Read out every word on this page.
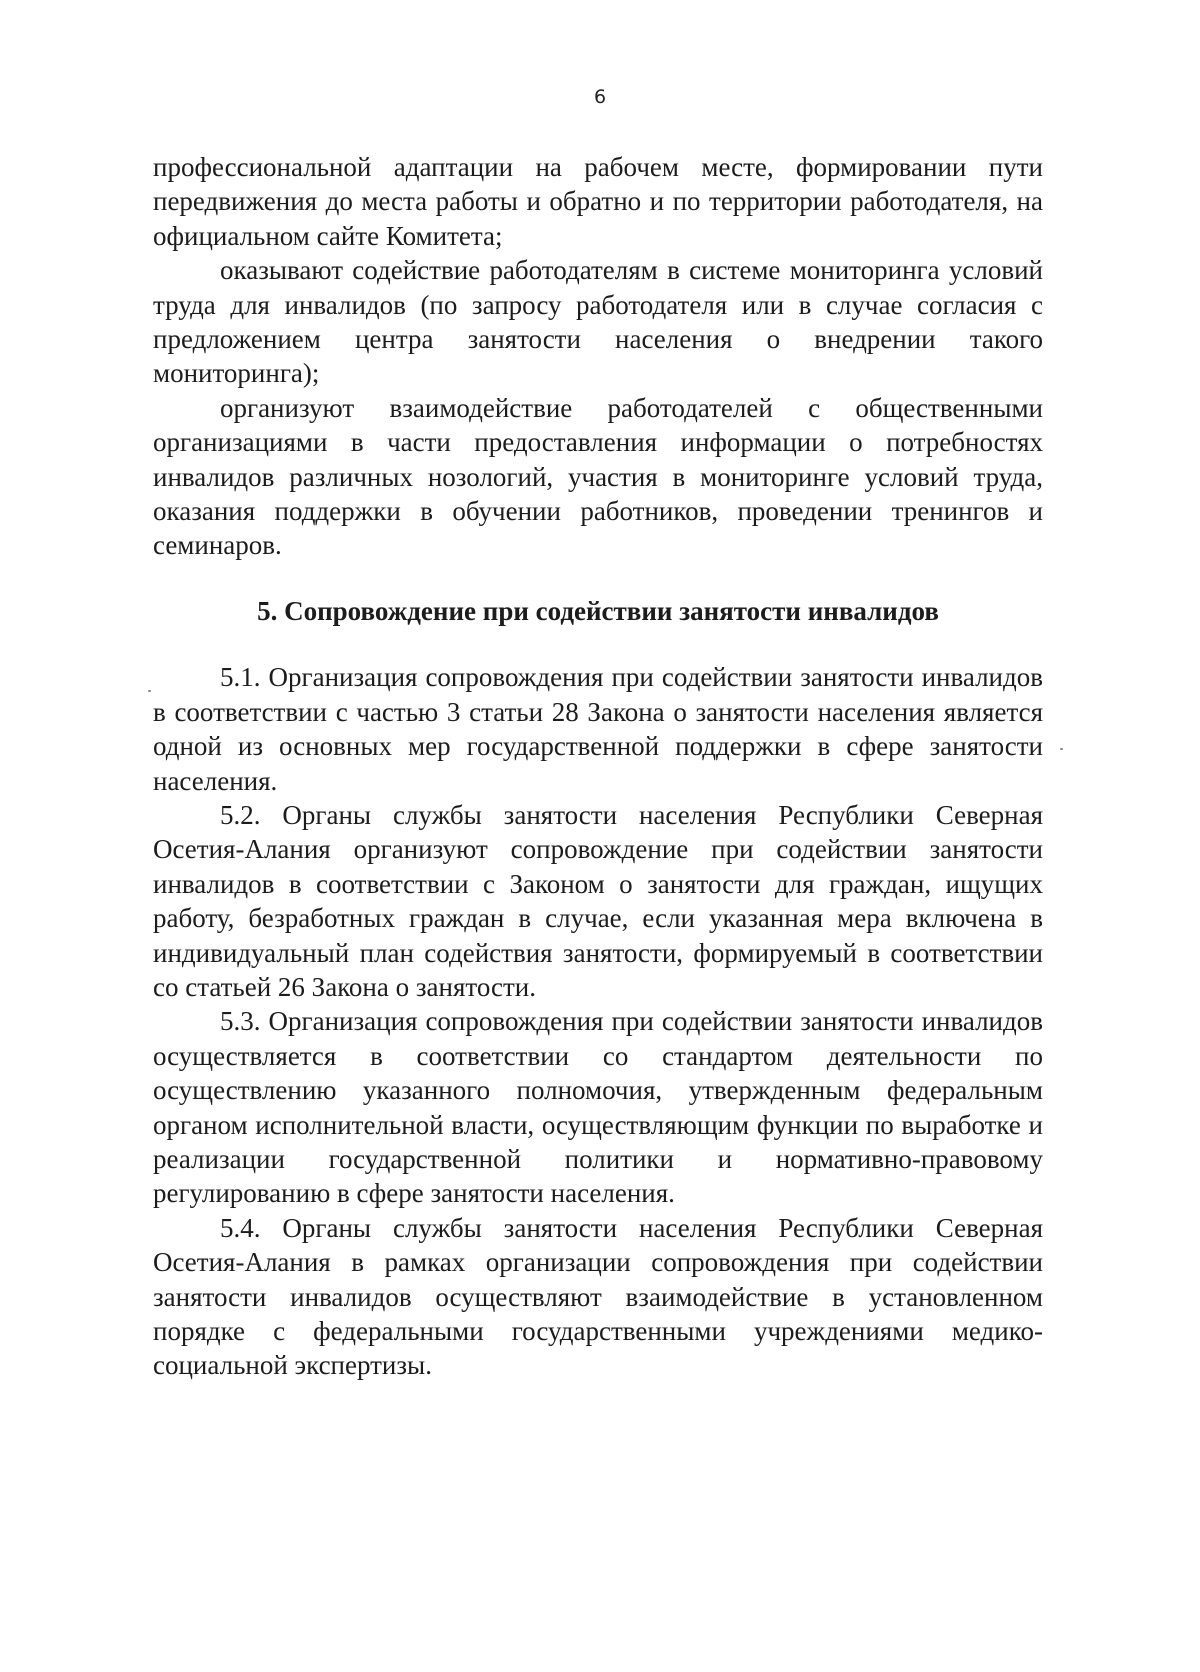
6

профессиональной адаптации на рабочем месте, формировании пути передвижения до места работы и обратно и по территории работодателя, на официальном сайте Комитета;

оказывают содействие работодателям в системе мониторинга условий труда для инвалидов (по запросу работодателя или в случае согласия с предложением центра занятости населения о внедрении такого мониторинга);

организуют взаимодействие работодателей с общественными организациями в части предоставления информации о потребностях инвалидов различных нозологий, участия в мониторинге условий труда, оказания поддержки в обучении работников, проведении тренингов и семинаров.

5. Сопровождение при содействии занятости инвалидов

5.1. Организация сопровождения при содействии занятости инвалидов в соответствии с частью 3 статьи 28 Закона о занятости населения является одной из основных мер государственной поддержки в сфере занятости населения.

5.2. Органы службы занятости населения Республики Северная Осетия-Алания организуют сопровождение при содействии занятости инвалидов в соответствии с Законом о занятости для граждан, ищущих работу, безработных граждан в случае, если указанная мера включена в индивидуальный план содействия занятости, формируемый в соответствии со статьей 26 Закона о занятости.

5.3. Организация сопровождения при содействии занятости инвалидов осуществляется в соответствии со стандартом деятельности по осуществлению указанного полномочия, утвержденным федеральным органом исполнительной власти, осуществляющим функции по выработке и реализации государственной политики и нормативно-правовому регулированию в сфере занятости населения.

5.4. Органы службы занятости населения Республики Северная Осетия-Алания в рамках организации сопровождения при содействии занятости инвалидов осуществляют взаимодействие в установленном порядке с федеральными государственными учреждениями медико-социальной экспертизы.
